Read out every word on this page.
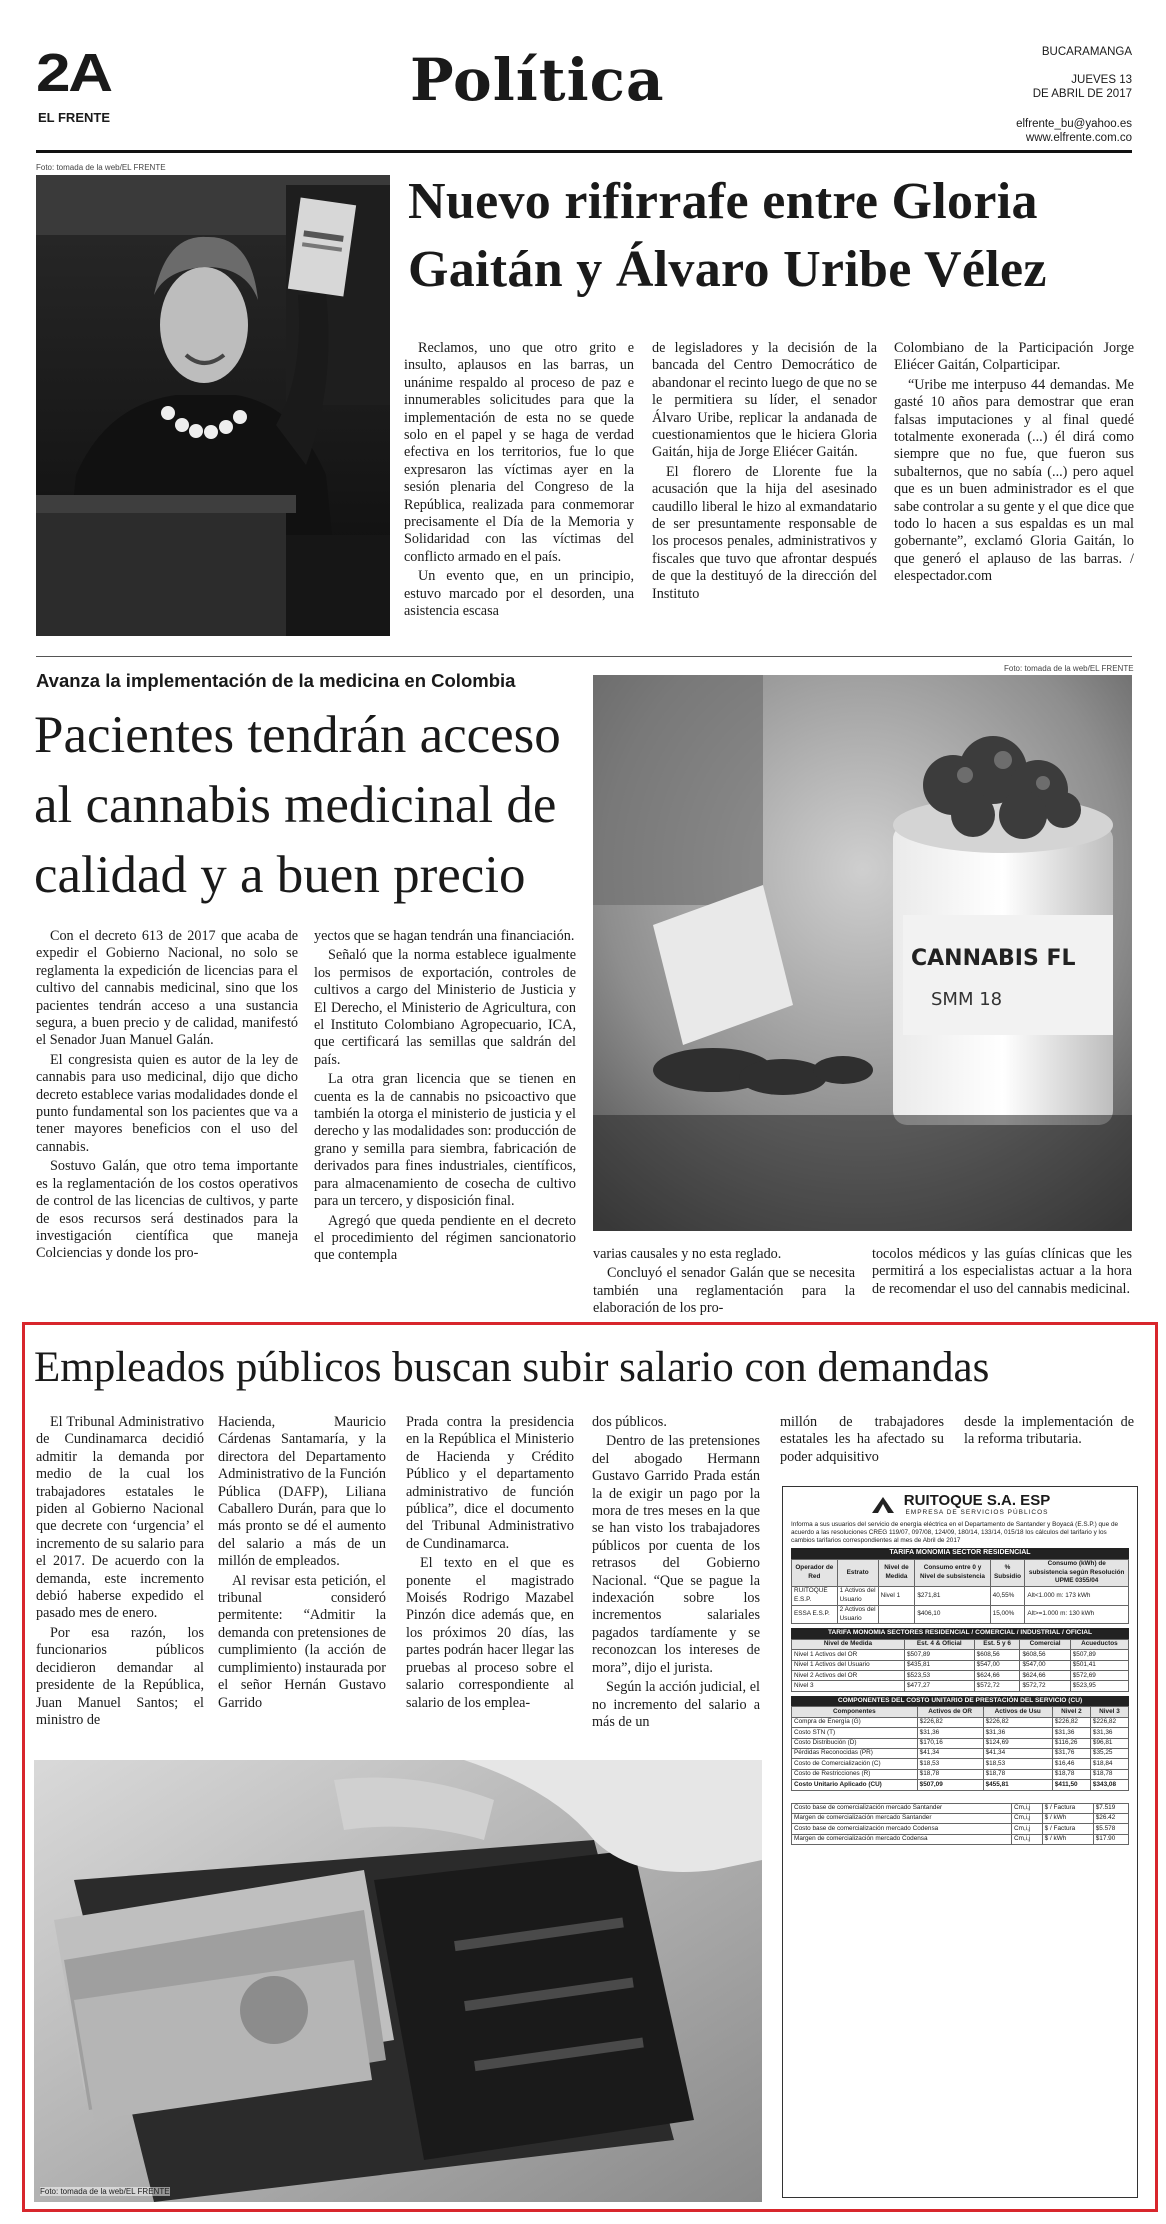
2A
EL FRENTE
Política	BUCARAMANGA
JUEVES 13
DE ABRIL DE 2017
elfrente_bu@yahoo.es
www.elfrente.com.co
Foto: tomada de la web/EL FRENTE
Nuevo rifirrafe entre Gloria Gaitán y Álvaro Uribe Vélez

Reclamos, uno que otro grito e insulto, aplausos en las barras, un unánime respaldo al proceso de paz e innumerables solicitudes para que la implementación de esta no se quede solo en el papel y se haga de verdad efectiva en los territorios, fue lo que expresaron las víctimas ayer en la sesión plenaria del Congreso de la República, realizada para conmemorar precisamente el Día de la Memoria y Solidaridad con las víctimas del conflicto armado en el país.

Un evento que, en un principio, estuvo marcado por el desorden, una asistencia escasa

de legisladores y la decisión de la bancada del Centro Democrático de abandonar el recinto luego de que no se le permitiera su líder, el senador Álvaro Uribe, replicar la andanada de cuestionamientos que le hiciera Gloria Gaitán, hija de Jorge Eliécer Gaitán.

El florero de Llorente fue la acusación que la hija del asesinado caudillo liberal le hizo al exmandatario de ser presuntamente responsable de los procesos penales, administrativos y fiscales que tuvo que afrontar después de que la destituyó de la dirección del Instituto

Colombiano de la Participación Jorge Eliécer Gaitán, Colparticipar.

“Uribe me interpuso 44 demandas. Me gasté 10 años para demostrar que eran falsas imputaciones y al final quedé totalmente exonerada (...) él dirá como siempre que no fue, que fueron sus subalternos, que no sabía (...) pero aquel que es un buen administrador es el que sabe controlar a su gente y el que dice que todo lo hacen a sus espaldas es un mal gobernante”, exclamó Gloria Gaitán, lo que generó el aplauso de las barras. / elespectador.com

Foto: tomada de la web/EL FRENTE
Avanza la implementación de la medicina en Colombia
Pacientes tendrán acceso al cannabis medicinal de calidad y a buen precio
CANNABIS FL
SMM 18

Con el decreto 613 de 2017 que acaba de expedir el Gobierno Nacional, no solo se reglamenta la expedición de licencias para el cultivo del cannabis medicinal, sino que los pacientes tendrán acceso a una sustancia segura, a buen precio y de calidad, manifestó el Senador Juan Manuel Galán.

El congresista quien es autor de la ley de cannabis para uso medicinal, dijo que dicho decreto establece varias modalidades donde el punto fundamental son los pacientes que va a tener mayores beneficios con el uso del cannabis.

Sostuvo Galán, que otro tema importante es la reglamentación de los costos operativos de control de las licencias de cultivos, y parte de esos recursos será destinados para la investigación científica que maneja Colciencias y donde los pro-

yectos que se hagan tendrán una financiación.

Señaló que la norma establece igualmente los permisos de exportación, controles de cultivos a cargo del Ministerio de Justicia y El Derecho, el Ministerio de Agricultura, con el Instituto Colombiano Agropecuario, ICA, que certificará las semillas que saldrán del país.

La otra gran licencia que se tienen en cuenta es la de cannabis no psicoactivo que también la otorga el ministerio de justicia y el derecho y las modalidades son: producción de grano y semilla para siembra, fabricación de derivados para fines industriales, científicos, para almacenamiento de cosecha de cultivo para un tercero, y disposición final.

Agregó que queda pendiente en el decreto el procedimiento del régimen sancionatorio que contempla	varias causales y no esta reglado.

Concluyó el senador Galán que se necesita también una reglamentación para la elaboración de los pro-

tocolos médicos y las guías clínicas que les permitirá a los especialistas actuar a la hora de recomendar el uso del cannabis medicinal.

Empleados públicos buscan subir salario con demandas

El Tribunal Administrativo de Cundinamarca decidió admitir la demanda por medio de la cual los trabajadores estatales le piden al Gobierno Nacional que decrete con ‘urgencia’ el incremento de su salario para el 2017. De acuerdo con la demanda, este incremento debió haberse expedido el pasado mes de enero.

Por esa razón, los funcionarios públicos decidieron demandar al presidente de la República, Juan Manuel Santos; el ministro de

Hacienda, Mauricio Cárdenas Santamaría, y la directora del Departamento Administrativo de la Función Pública (DAFP), Liliana Caballero Durán, para que lo más pronto se dé el aumento del salario a más de un millón de empleados.

Al revisar esta petición, el tribunal consideró permitente: “Admitir la demanda con pretensiones de cumplimiento (la acción de cumplimiento) instaurada por el señor Hernán Gustavo Garrido

Prada contra la presidencia en la República el Ministerio de Hacienda y Crédito Público y el departamento administrativo de función pública”, dice el documento del Tribunal Administrativo de Cundinamarca.

El texto en el que es ponente el magistrado Moisés Rodrigo Mazabel Pinzón dice además que, en los próximos 20 días, las partes podrán hacer llegar las pruebas al proceso sobre el salario correspondiente al salario de los emplea-

dos públicos.

Dentro de las pretensiones del abogado Hermann Gustavo Garrido Prada están la de exigir un pago por la mora de tres meses en la que se han visto los trabajadores públicos por cuenta de los retrasos del Gobierno Nacional. “Que se pague la indexación sobre los incrementos salariales pagados tardíamente y se reconozcan los intereses de mora”, dijo el jurista.

Según la acción judicial, el no incremento del salario a más de un

millón de trabajadores estatales les ha afectado su poder adquisitivo

desde la implementación de la reforma tributaria.

Foto: tomada de la web/EL FRENTE
RUITOQUE S.A. ESP
EMPRESA DE SERVICIOS PÚBLICOS
Informa a sus usuarios del servicio de energía eléctrica en el Departamento de Santander y Boyacá (E.S.P.) que de acuerdo a las resoluciones CREG 119/07, 097/08, 124/09, 180/14, 133/14, 015/18 los cálculos del tarifario y los cambios tarifarios correspondientes al mes de Abril de 2017
TARIFA MONOMIA SECTOR RESIDENCIAL
Operador de Red	Estrato	Nivel de Medida	Consumo entre 0 y Nivel de subsistencia	% Subsidio	Consumo (kWh) de subsistencia según Resolución UPME 0355/04
RUITOQUE E.S.P.	1 Activos del Usuario	Nivel 1	$271,81	40,55%	Alt<1.000 m: 173 kWh
ESSA E.S.P.	2 Activos del Usuario		$406,10	15,00%	Alt>=1.000 m: 130 kWh
TARIFA MONOMIA SECTORES RESIDENCIAL / COMERCIAL / INDUSTRIAL / OFICIAL
Nivel de Medida	Est. 4 & Oficial	Est. 5 y 6	Comercial	Acueductos
Nivel 1 Activos del OR	$507,89	$608,56	$608,56	$507,89
Nivel 1 Activos del Usuario	$435,81	$547,00	$547,00	$501,41
Nivel 2 Activos del OR	$523,53	$624,66	$624,66	$572,69
Nivel 3	$477,27	$572,72	$572,72	$523,95
COMPONENTES DEL COSTO UNITARIO DE PRESTACIÓN DEL SERVICIO (CU)
Componentes	Activos de OR	Activos de Usu	Nivel 2	Nivel 3
Compra de Energía (G)	$226,82	$226,82	$226,82	$226,82
Costo STN (T)	$31,36	$31,36	$31,36	$31,36
Costo Distribución (D)	$170,16	$124,69	$116,26	$96,81
Pérdidas Reconocidas (PR)	$41,34	$41,34	$31,76	$35,25
Costo de Comercialización (C)	$18,53	$18,53	$16,46	$18,84
Costo de Restricciones (R)	$18,78	$18,78	$18,78	$18,78
Costo Unitario Aplicado (CU)	$507,09	$455,81	$411,50	$343,08
Costo base de comercialización mercado Santander	Cm,i,j	$ / Factura	$7.519
Margen de comercialización mercado Santander	Cm,i,j	$ / kWh	$26.42
Costo base de comercialización mercado Codensa	Cm,i,j	$ / Factura	$5.578
Margen de comercialización mercado Codensa	Cm,i,j	$ / kWh	$17.90
